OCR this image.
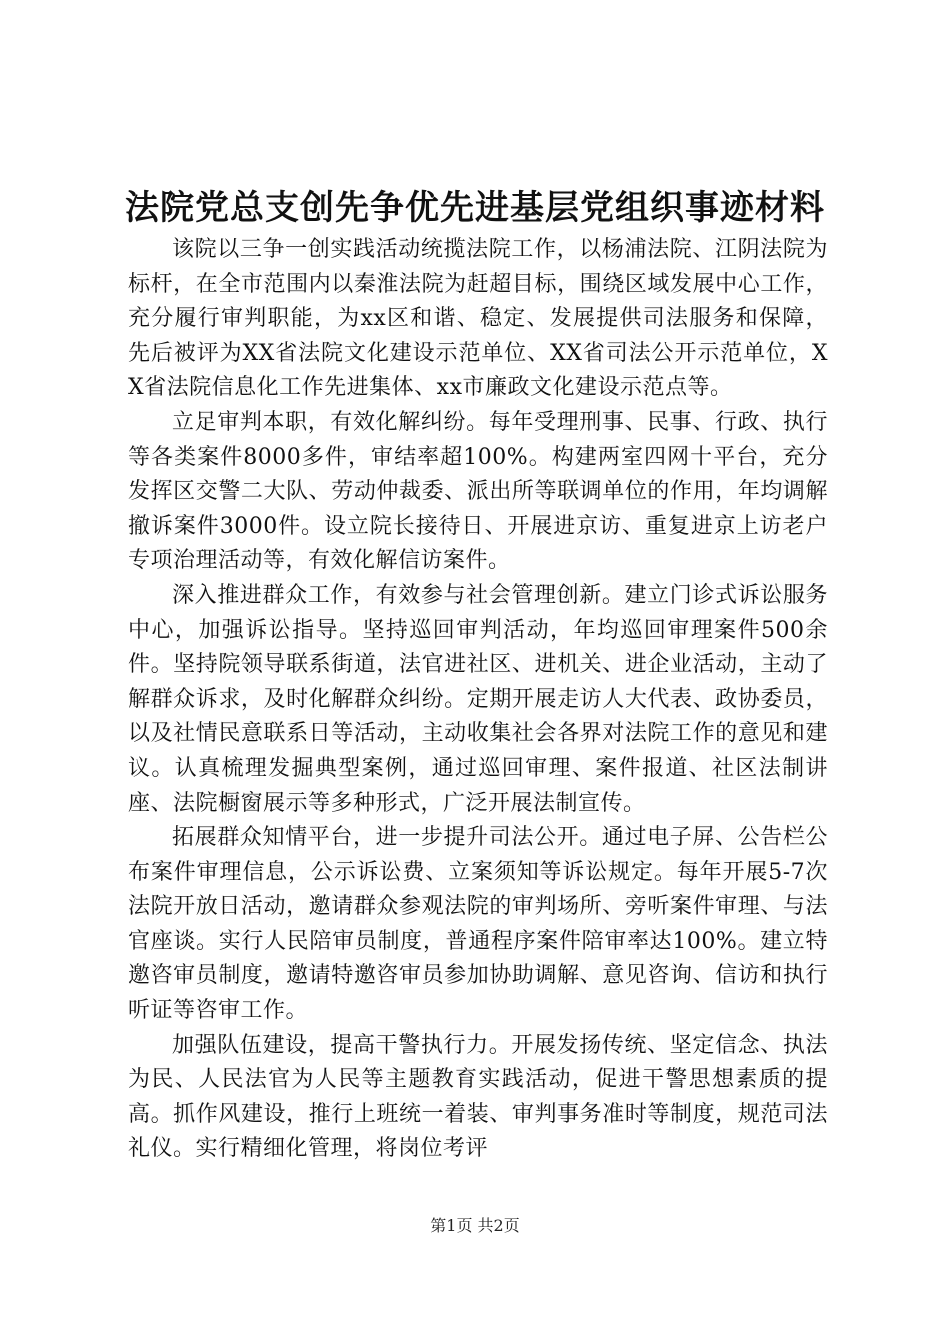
法院党总支创先争优先进基层党组织事迹材料

该院以三争一创实践活动统揽法院工作，以杨浦法院、江阴法院为标杆，在全市范围内以秦淮法院为赶超目标，围绕区域发展中心工作，充分履行审判职能，为xx区和谐、稳定、发展提供司法服务和保障，先后被评为XX省法院文化建设示范单位、XX省司法公开示范单位，XX省法院信息化工作先进集体、xx市廉政文化建设示范点等。

立足审判本职，有效化解纠纷。每年受理刑事、民事、行政、执行等各类案件8000多件，审结率超100%。构建两室四网十平台，充分发挥区交警二大队、劳动仲裁委、派出所等联调单位的作用，年均调解撤诉案件3000件。设立院长接待日、开展进京访、重复进京上访老户专项治理活动等，有效化解信访案件。

深入推进群众工作，有效参与社会管理创新。建立门诊式诉讼服务中心，加强诉讼指导。坚持巡回审判活动，年均巡回审理案件500余件。坚持院领导联系街道，法官进社区、进机关、进企业活动，主动了解群众诉求，及时化解群众纠纷。定期开展走访人大代表、政协委员，以及社情民意联系日等活动，主动收集社会各界对法院工作的意见和建议。认真梳理发掘典型案例，通过巡回审理、案件报道、社区法制讲座、法院橱窗展示等多种形式，广泛开展法制宣传。

拓展群众知情平台，进一步提升司法公开。通过电子屏、公告栏公布案件审理信息，公示诉讼费、立案须知等诉讼规定。每年开展5-7次法院开放日活动，邀请群众参观法院的审判场所、旁听案件审理、与法官座谈。实行人民陪审员制度，普通程序案件陪审率达100%。建立特邀咨审员制度，邀请特邀咨审员参加协助调解、意见咨询、信访和执行听证等咨审工作。

加强队伍建设，提高干警执行力。开展发扬传统、坚定信念、执法为民、人民法官为人民等主题教育实践活动，促进干警思想素质的提高。抓作风建设，推行上班统一着装、审判事务准时等制度，规范司法礼仪。实行精细化管理，将岗位考评

第1页 共2页
